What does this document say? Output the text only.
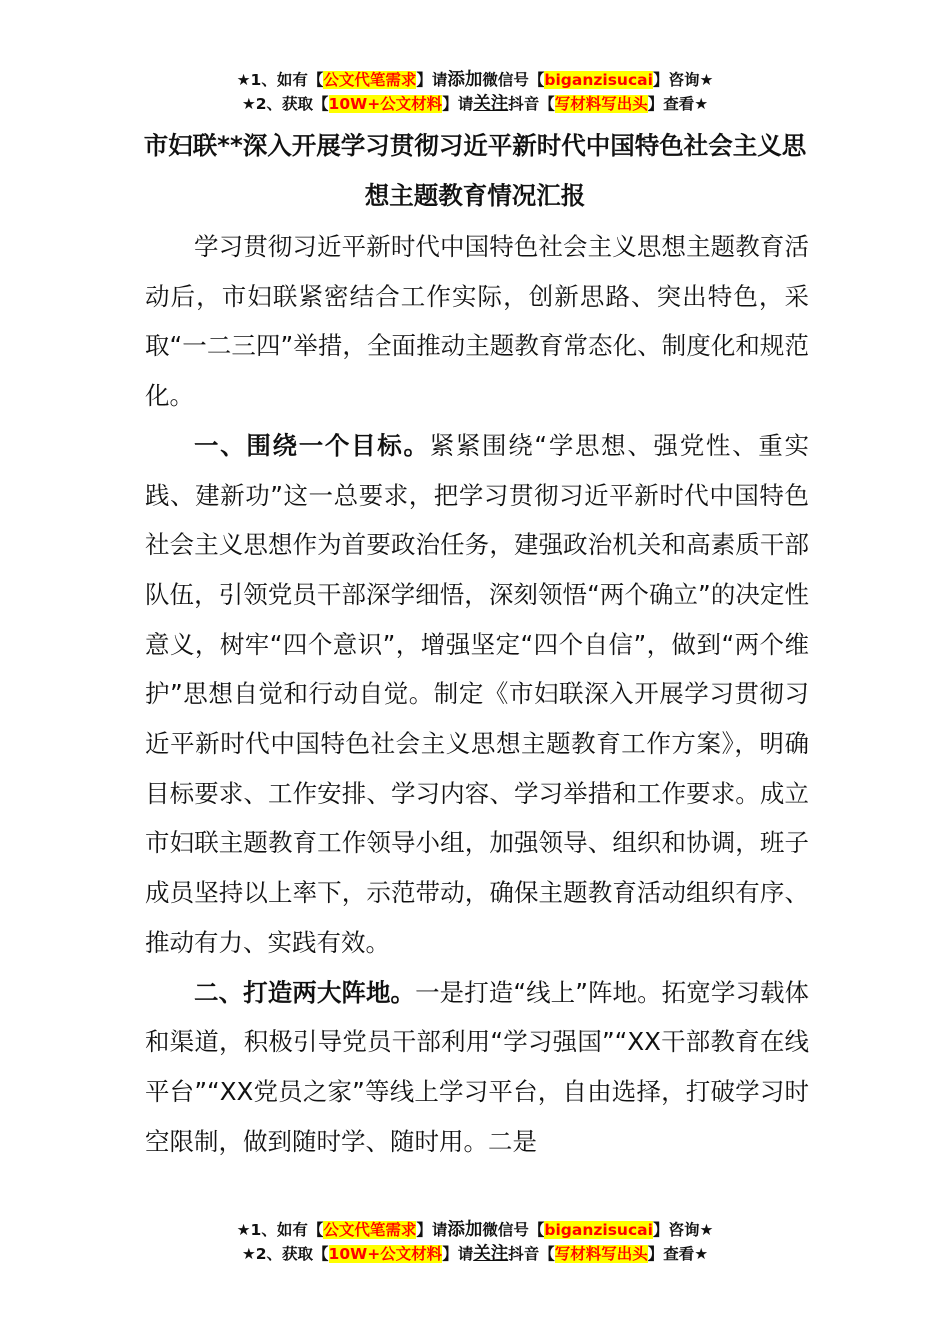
★1、如有【公文代笔需求】请添加微信号【biganzisucai】咨询★
★2、获取【10W+公文材料】请关注抖音【写材料写出头】查看★
市妇联**深入开展学习贯彻习近平新时代中国特色社会主义思想主题教育情况汇报

学习贯彻习近平新时代中国特色社会主义思想主题教育活动后，市妇联紧密结合工作实际，创新思路、突出特色，采取“一二三四”举措，全面推动主题教育常态化、制度化和规范化。

一、围绕一个目标。紧紧围绕“学思想、强党性、重实践、建新功”这一总要求，把学习贯彻习近平新时代中国特色社会主义思想作为首要政治任务，建强政治机关和高素质干部队伍，引领党员干部深学细悟，深刻领悟“两个确立”的决定性意义，树牢“四个意识”，增强坚定“四个自信”，做到“两个维护”思想自觉和行动自觉。制定《市妇联深入开展学习贯彻习近平新时代中国特色社会主义思想主题教育工作方案》，明确目标要求、工作安排、学习内容、学习举措和工作要求。成立市妇联主题教育工作领导小组，加强领导、组织和协调，班子成员坚持以上率下，示范带动，确保主题教育活动组织有序、推动有力、实践有效。

二、打造两大阵地。一是打造“线上”阵地。拓宽学习载体和渠道，积极引导党员干部利用“学习强国”“XX干部教育在线平台”“XX党员之家”等线上学习平台，自由选择，打破学习时空限制，做到随时学、随时用。二是

★1、如有【公文代笔需求】请添加微信号【biganzisucai】咨询★
★2、获取【10W+公文材料】请关注抖音【写材料写出头】查看★
